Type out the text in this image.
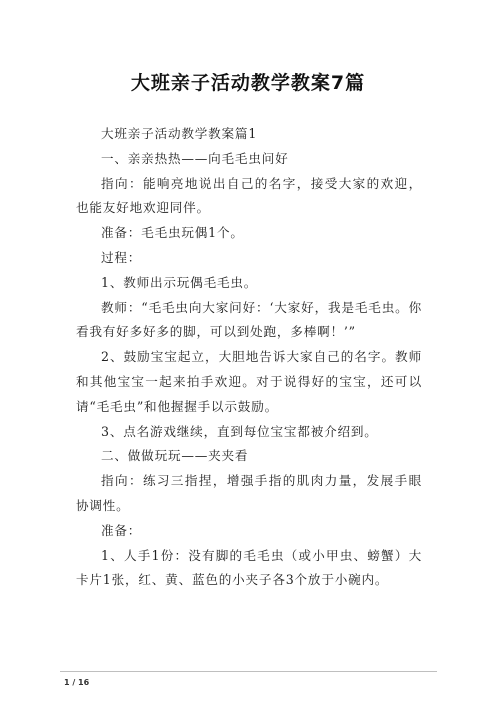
大班亲子活动教学教案7篇

大班亲子活动教学教案篇1

一、亲亲热热——向毛毛虫问好

指向：能响亮地说出自己的名字，接受大家的欢迎，也能友好地欢迎同伴。

准备：毛毛虫玩偶1个。

过程：

1、教师出示玩偶毛毛虫。

教师：“毛毛虫向大家问好：‘大家好，我是毛毛虫。你看我有好多好多的脚，可以到处跑，多棒啊！’”

2、鼓励宝宝起立，大胆地告诉大家自己的名字。教师和其他宝宝一起来拍手欢迎。对于说得好的宝宝，还可以请“毛毛虫”和他握握手以示鼓励。

3、点名游戏继续，直到每位宝宝都被介绍到。

二、做做玩玩——夹夹看

指向：练习三指捏，增强手指的肌肉力量，发展手眼协调性。

准备：

1、人手1份：没有脚的毛毛虫（或小甲虫、螃蟹）大卡片1张，红、黄、蓝色的小夹子各3个放于小碗内。

1 / 16
